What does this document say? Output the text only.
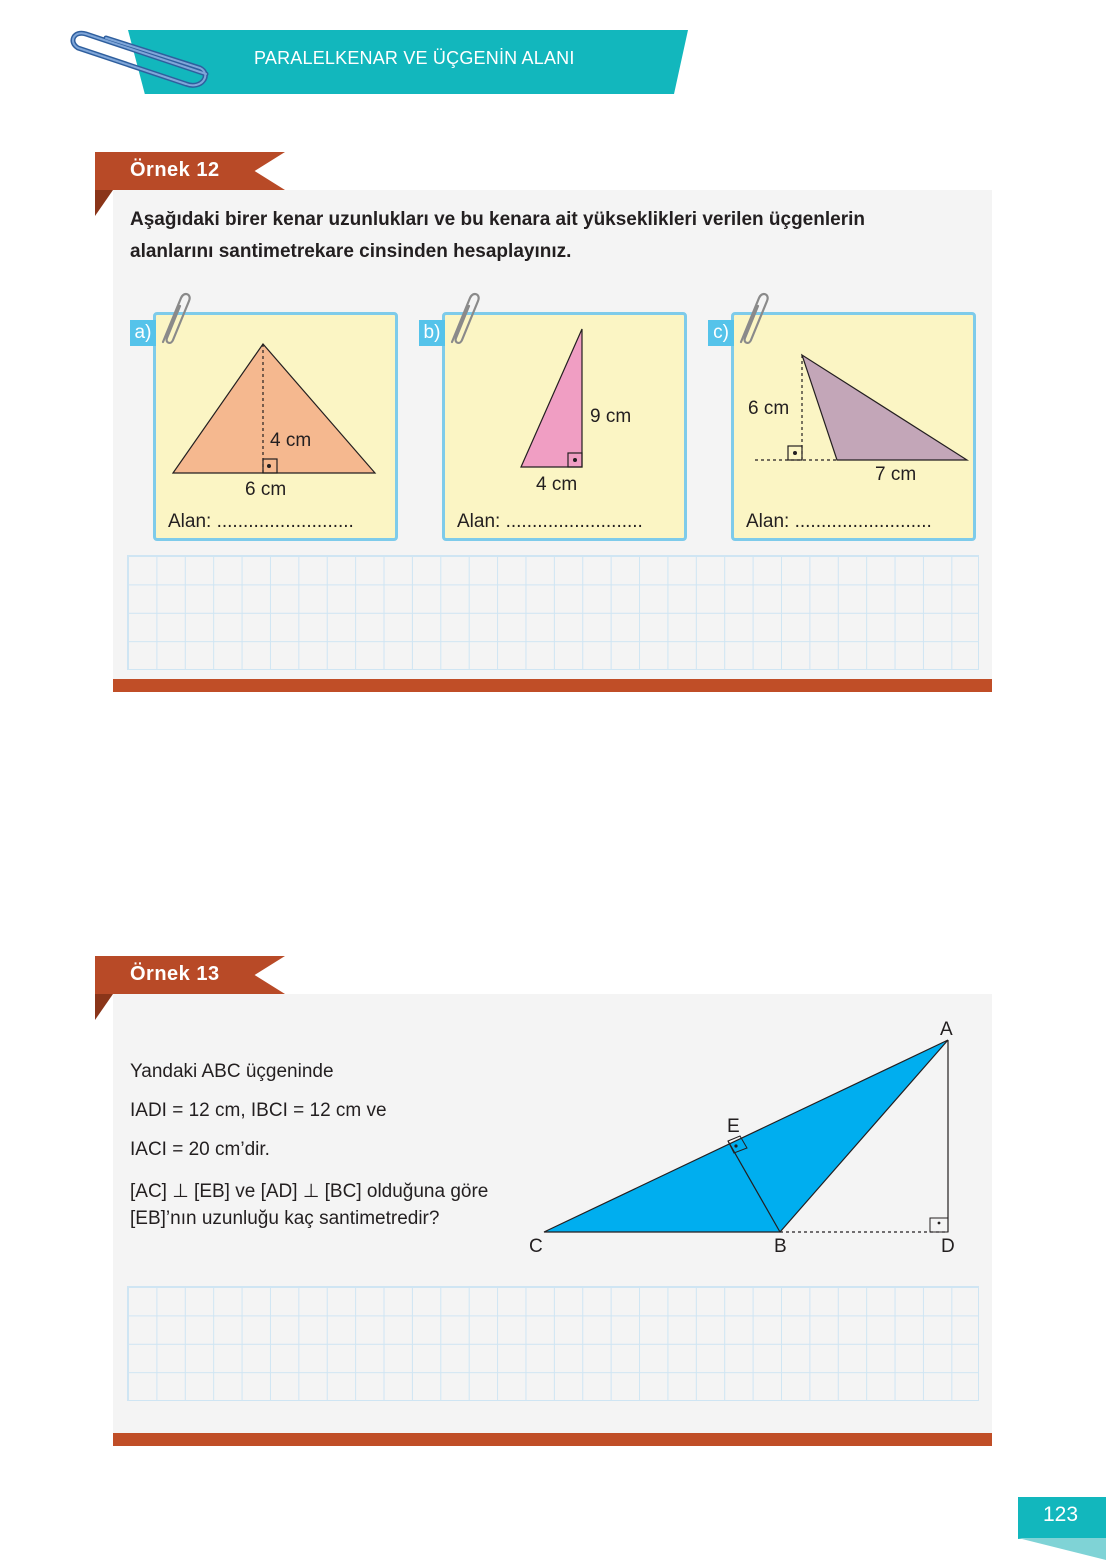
PARALELKENAR VE ÜÇGENİN ALANI
Örnek 12
Aşağıdaki birer kenar uzunlukları ve bu kenara ait yükseklikleri verilen üçgenlerin
alanlarını santimetrekare cinsinden hesaplayınız.
a)
4 cm
6 cm
Alan: ..........................
b)
9 cm
4 cm
Alan: ..........................
c)
6 cm
7 cm
Alan: ..........................
Örnek 13
Yandaki ABC üçgeninde
IADI = 12 cm, IBCI = 12 cm ve
IACI = 20 cm’dir.
[AC] ⊥ [EB] ve [AD] ⊥ [BC] olduğuna göre
[EB]’nın uzunluğu kaç santimetredir?
A
E
C	B	D
123
